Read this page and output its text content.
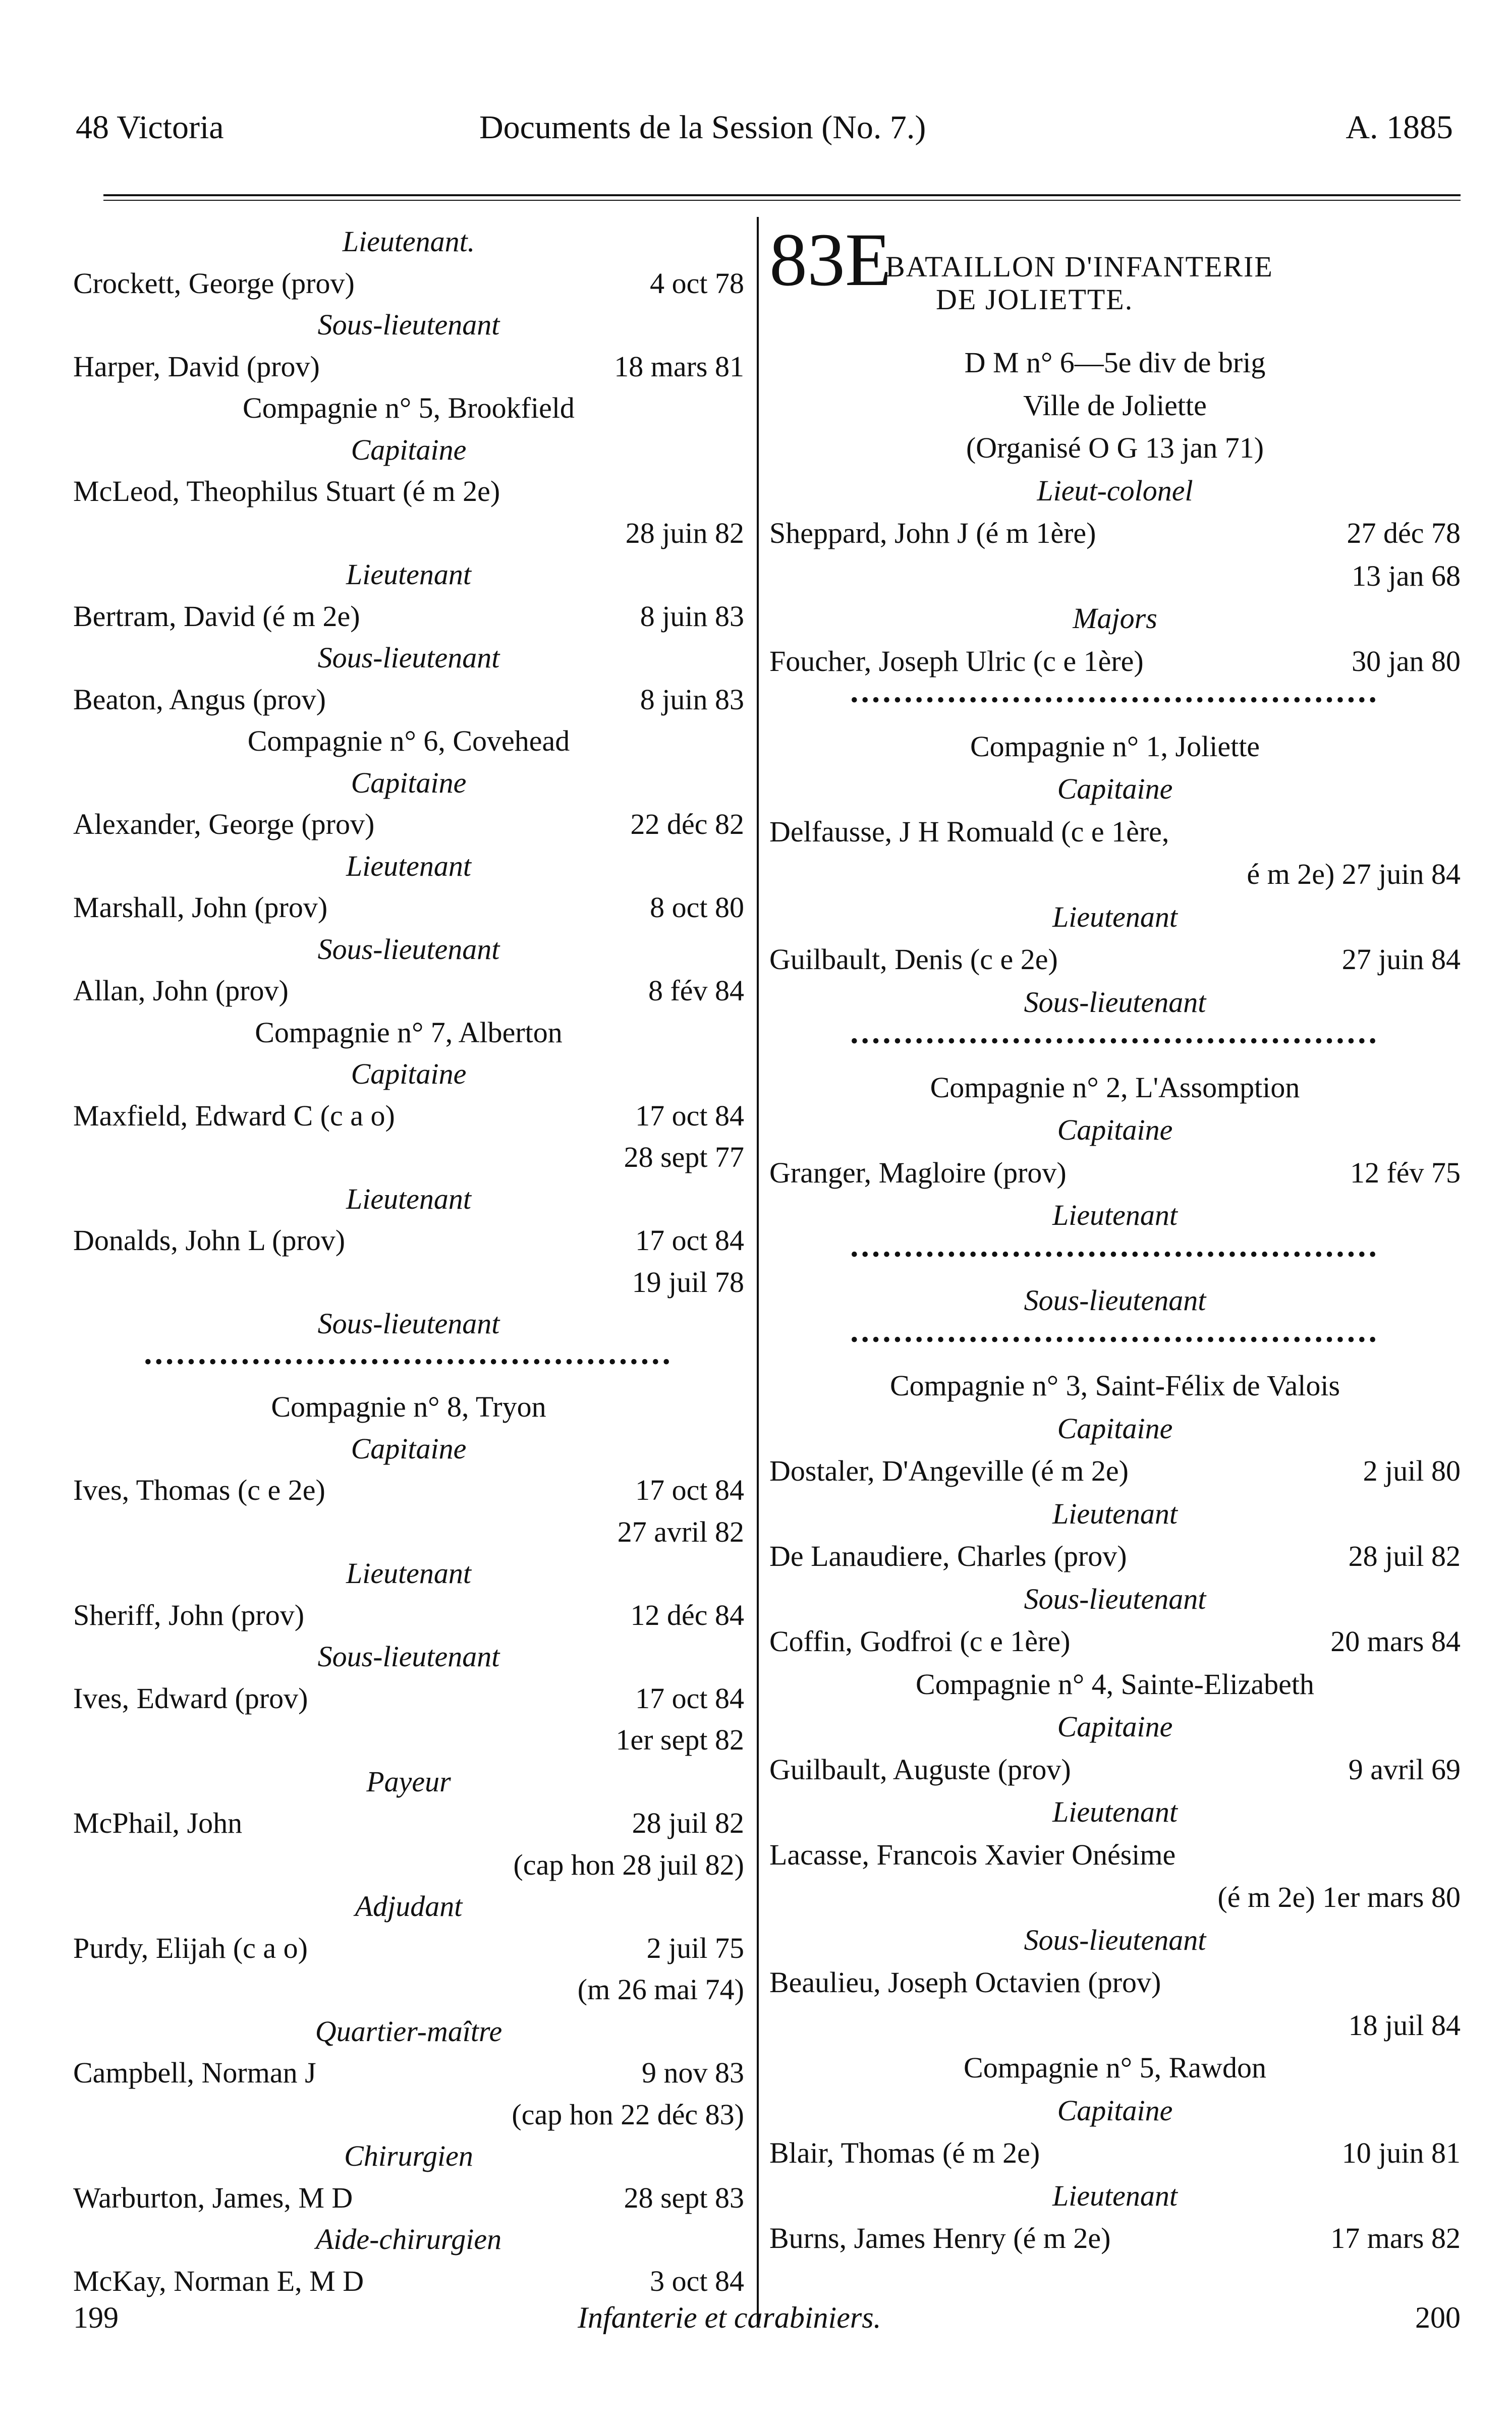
48 Victoria	Documents de la Session (No. 7.)	A. 1885
Lieutenant.
Crockett, George (prov)	4 oct 78
Sous-lieutenant
Harper, David (prov)	18 mars 81
Compagnie n° 5, Brookfield
Capitaine
McLeod, Theophilus Stuart (é m 2e)
28 juin 82
Lieutenant
Bertram, David (é m 2e)	8 juin 83
Sous-lieutenant
Beaton, Angus (prov)	8 juin 83
Compagnie n° 6, Covehead
Capitaine
Alexander, George (prov)	22 déc 82
Lieutenant
Marshall, John (prov)	8 oct 80
Sous-lieutenant
Allan, John (prov)	8 fév 84
Compagnie n° 7, Alberton
Capitaine
Maxfield, Edward C (c a o)	17 oct 84
28 sept 77
Lieutenant
Donalds, John L (prov)	17 oct 84
19 juil 78
Sous-lieutenant
•••••••••••••••••••••••••••••••••••••••••••••••••
Compagnie n° 8, Tryon
Capitaine
Ives, Thomas (c e 2e)	17 oct 84
27 avril 82
Lieutenant
Sheriff, John (prov)	12 déc 84
Sous-lieutenant
Ives, Edward (prov)	17 oct 84
1er sept 82
Payeur
McPhail, John	28 juil 82
(cap hon 28 juil 82)
Adjudant
Purdy, Elijah (c a o)	2 juil 75
(m 26 mai 74)
Quartier-maître
Campbell, Norman J	9 nov 83
(cap hon 22 déc 83)
Chirurgien
Warburton, James, M D	28 sept 83
Aide-chirurgien
McKay, Norman E, M D	3 oct 84
83E
BATAILLON D'INFANTERIE
DE JOLIETTE.
D M n° 6—5e div de brig
Ville de Joliette
(Organisé O G 13 jan 71)
Lieut-colonel
Sheppard, John J (é m 1ère)	27 déc 78
13 jan 68
Majors
Foucher, Joseph Ulric (c e 1ère)	30 jan 80
•••••••••••••••••••••••••••••••••••••••••••••••••
Compagnie n° 1, Joliette
Capitaine
Delfausse, J H Romuald (c e 1ère,
é m 2e) 27 juin 84
Lieutenant
Guilbault, Denis (c e 2e)	27 juin 84
Sous-lieutenant
•••••••••••••••••••••••••••••••••••••••••••••••••
Compagnie n° 2, L'Assomption
Capitaine
Granger, Magloire (prov)	12 fév 75
Lieutenant
•••••••••••••••••••••••••••••••••••••••••••••••••
Sous-lieutenant
•••••••••••••••••••••••••••••••••••••••••••••••••
Compagnie n° 3, Saint-Félix de Valois
Capitaine
Dostaler, D'Angeville (é m 2e)	2 juil 80
Lieutenant
De Lanaudiere, Charles (prov)	28 juil 82
Sous-lieutenant
Coffin, Godfroi (c e 1ère)	20 mars 84
Compagnie n° 4, Sainte-Elizabeth
Capitaine
Guilbault, Auguste (prov)	9 avril 69
Lieutenant
Lacasse, Francois Xavier Onésime
(é m 2e) 1er mars 80
Sous-lieutenant
Beaulieu, Joseph Octavien (prov)
18 juil 84
Compagnie n° 5, Rawdon
Capitaine
Blair, Thomas (é m 2e)	10 juin 81
Lieutenant
Burns, James Henry (é m 2e)	17 mars 82
199	Infanterie et carabiniers.	200
